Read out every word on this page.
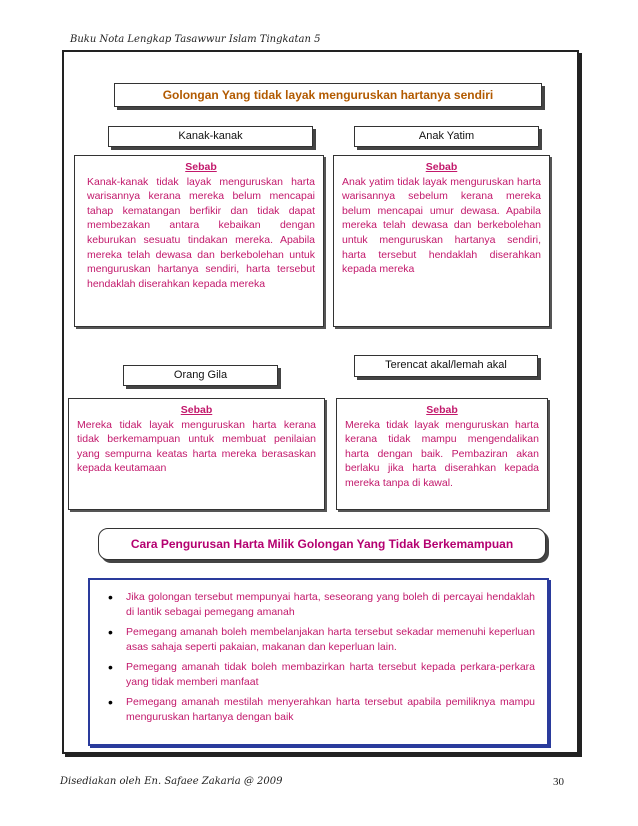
Buku Nota Lengkap Tasawwur Islam Tingkatan 5
Golongan Yang tidak layak menguruskan hartanya sendiri
Kanak-kanak	Anak Yatim
Sebab
Kanak-kanak tidak layak menguruskan harta warisannya kerana mereka belum mencapai tahap kematangan berfikir dan tidak dapat membezakan antara kebaikan dengan keburukan sesuatu tindakan mereka. Apabila mereka telah dewasa dan berkebolehan untuk menguruskan hartanya sendiri, harta tersebut hendaklah diserahkan kepada mereka
Sebab
Anak yatim tidak layak menguruskan harta warisannya sebelum kerana mereka belum mencapai umur dewasa. Apabila mereka telah dewasa dan berkebolehan untuk menguruskan hartanya sendiri, harta tersebut hendaklah diserahkan kepada mereka
Orang Gila
Terencat akal/lemah akal
Sebab
Mereka tidak layak menguruskan harta kerana tidak berkemampuan untuk membuat penilaian yang sempurna keatas harta mereka berasaskan kepada keutamaan
Sebab
Mereka tidak layak menguruskan harta kerana tidak mampu mengendalikan harta dengan baik. Pembaziran akan berlaku jika harta diserahkan kepada mereka tanpa di kawal.
Cara Pengurusan Harta Milik Golongan Yang Tidak Berkemampuan
• Jika golongan tersebut mempunyai harta, seseorang yang boleh di percayai hendaklah di lantik sebagai pemegang amanah
• Pemegang amanah boleh membelanjakan harta tersebut sekadar memenuhi keperluan asas sahaja seperti pakaian, makanan dan keperluan lain.
• Pemegang amanah tidak boleh membazirkan harta tersebut kepada perkara-perkara yang tidak memberi manfaat
• Pemegang amanah mestilah menyerahkan harta tersebut apabila pemiliknya mampu menguruskan hartanya dengan baik
Disediakan oleh En. Safaee Zakaria @ 2009	30
